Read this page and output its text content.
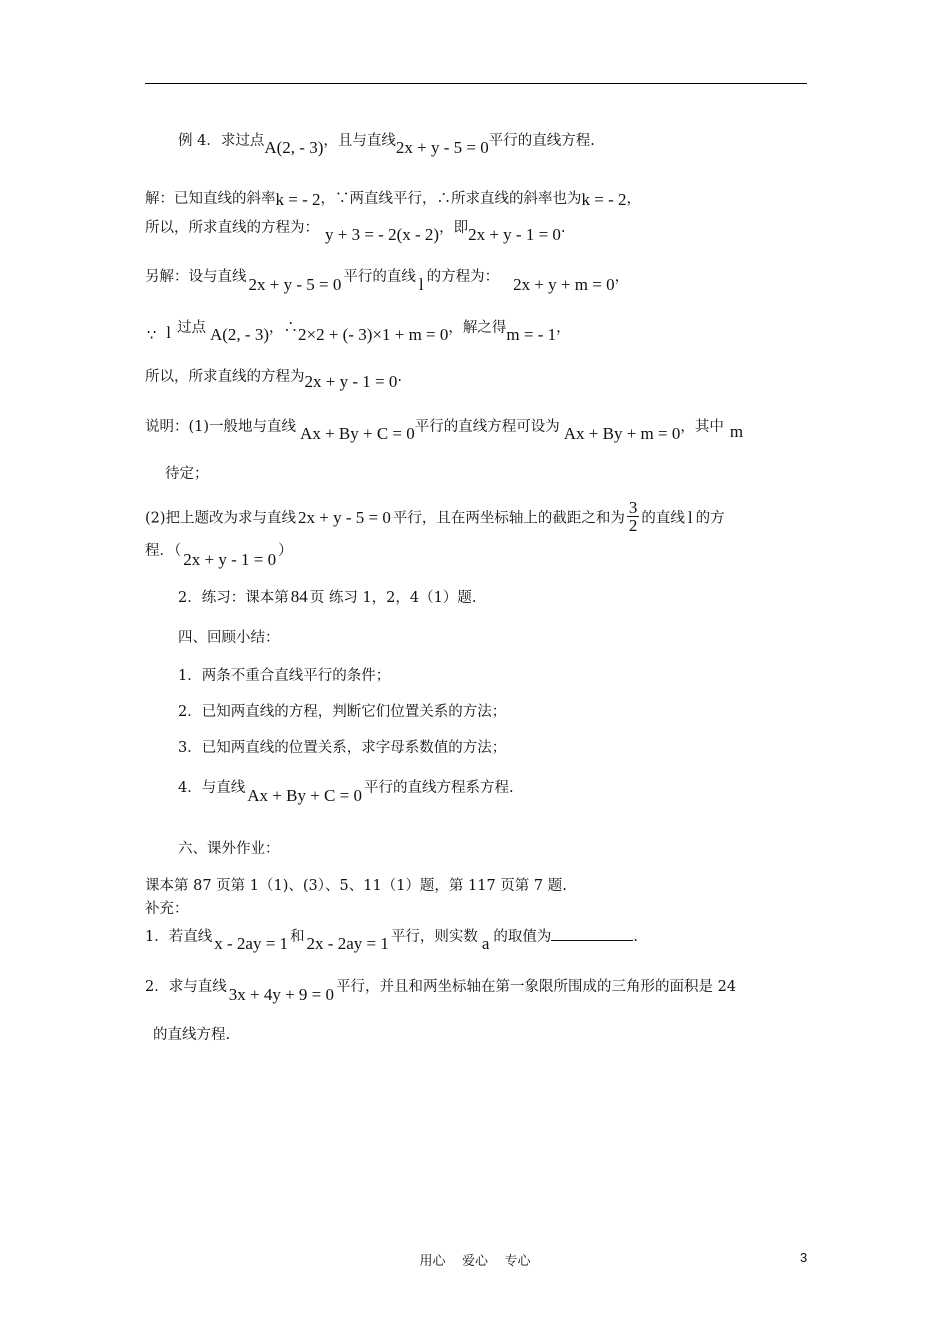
例 4．求过点A(2, - 3)，且与直线2x + y - 5 = 0平行的直线方程.
解：已知直线的斜率k = - 2，∵两直线平行，∴所求直线的斜率也为k = - 2，
所以，所求直线的方程为： y + 3 = - 2(x - 2)，即2x + y - 1 = 0.
另解：设与直线 2x + y - 5 = 0 平行的直线 l 的方程为： 2x + y + m = 0，
∵ l 过点 A(2, - 3)，∴2×2 + (- 3)×1 + m = 0，解之得m = - 1，
所以，所求直线的方程为2x + y - 1 = 0.
说明：(1)一般地与直线 Ax + By + C = 0平行的直线方程可设为 Ax + By + m = 0，其中 m
待定；
(2)把上题改为求与直线 2x + y - 5 = 0 平行，且在两坐标轴上的截距之和为 $\frac{3}{2}$ 的直线 l 的方
程．（ 2x + y - 1 = 0 ）
2．练习：课本第 84 页 练习 1，2，4（1）题.
四、回顾小结：
1．两条不重合直线平行的条件；
2．已知两直线的方程，判断它们位置关系的方法；
3．已知两直线的位置关系，求字母系数值的方法；
4．与直线 Ax + By + C = 0 平行的直线方程系方程.
六、课外作业：
课本第 87 页第 1（1)、(3）、5、11（1）题，第 117 页第 7 题.
补充：
1．若直线 x - 2ay = 1 和 2x - 2ay = 1 平行，则实数 a 的取值为	.
2．求与直线 3x + 4y + 9 = 0 平行，并且和两坐标轴在第一象限所围成的三角形的面积是 24
的直线方程.
用心    爱心    专心	3
